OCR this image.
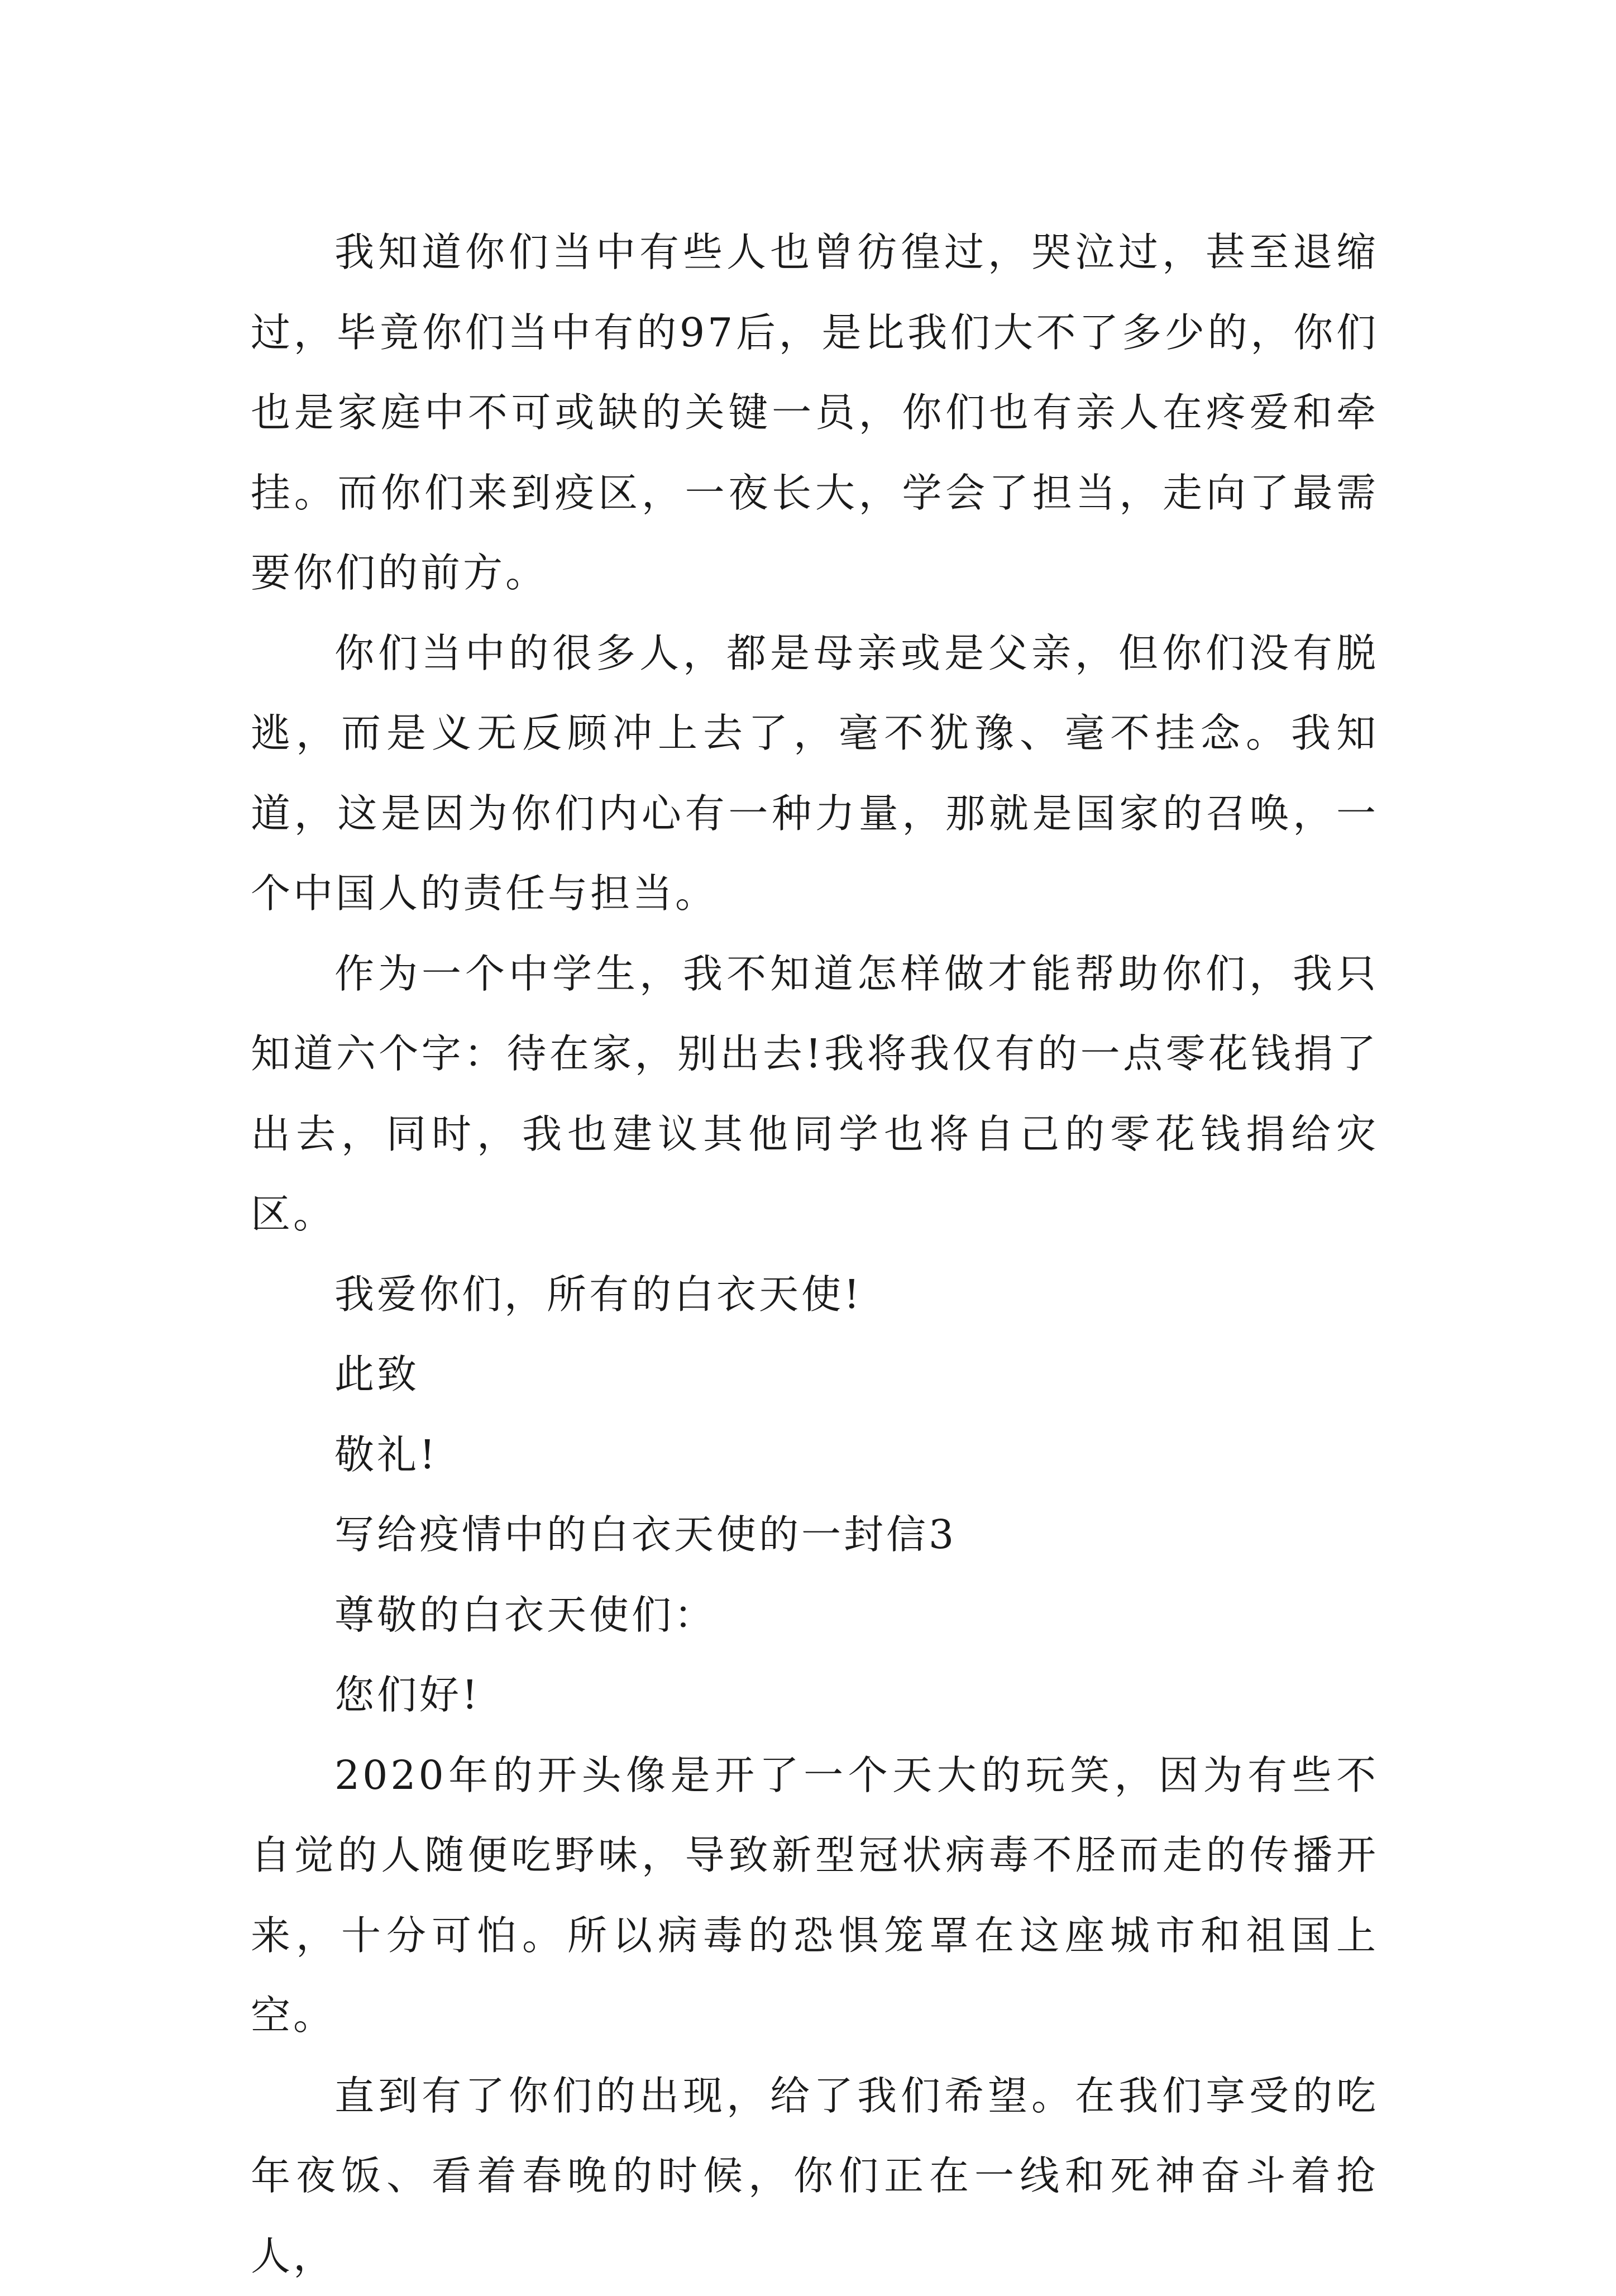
我知道你们当中有些人也曾彷徨过，哭泣过，甚至退缩过，毕竟你们当中有的97后，是比我们大不了多少的，你们也是家庭中不可或缺的关键一员，你们也有亲人在疼爱和牵挂。而你们来到疫区，一夜长大，学会了担当，走向了最需要你们的前方。

你们当中的很多人，都是母亲或是父亲，但你们没有脱逃，而是义无反顾冲上去了，毫不犹豫、毫不挂念。我知道，这是因为你们内心有一种力量，那就是国家的召唤，一个中国人的责任与担当。

作为一个中学生，我不知道怎样做才能帮助你们，我只知道六个字：待在家，别出去!我将我仅有的一点零花钱捐了出去，同时，我也建议其他同学也将自己的零花钱捐给灾区。

我爱你们，所有的白衣天使!

此致

敬礼!

写给疫情中的白衣天使的一封信3

尊敬的白衣天使们：

您们好!

2020年的开头像是开了一个天大的玩笑，因为有些不自觉的人随便吃野味，导致新型冠状病毒不胫而走的传播开来，十分可怕。所以病毒的恐惧笼罩在这座城市和祖国上空。

直到有了你们的出现，给了我们希望。在我们享受的吃年夜饭、看着春晚的时候，你们正在一线和死神奋斗着抢人，
